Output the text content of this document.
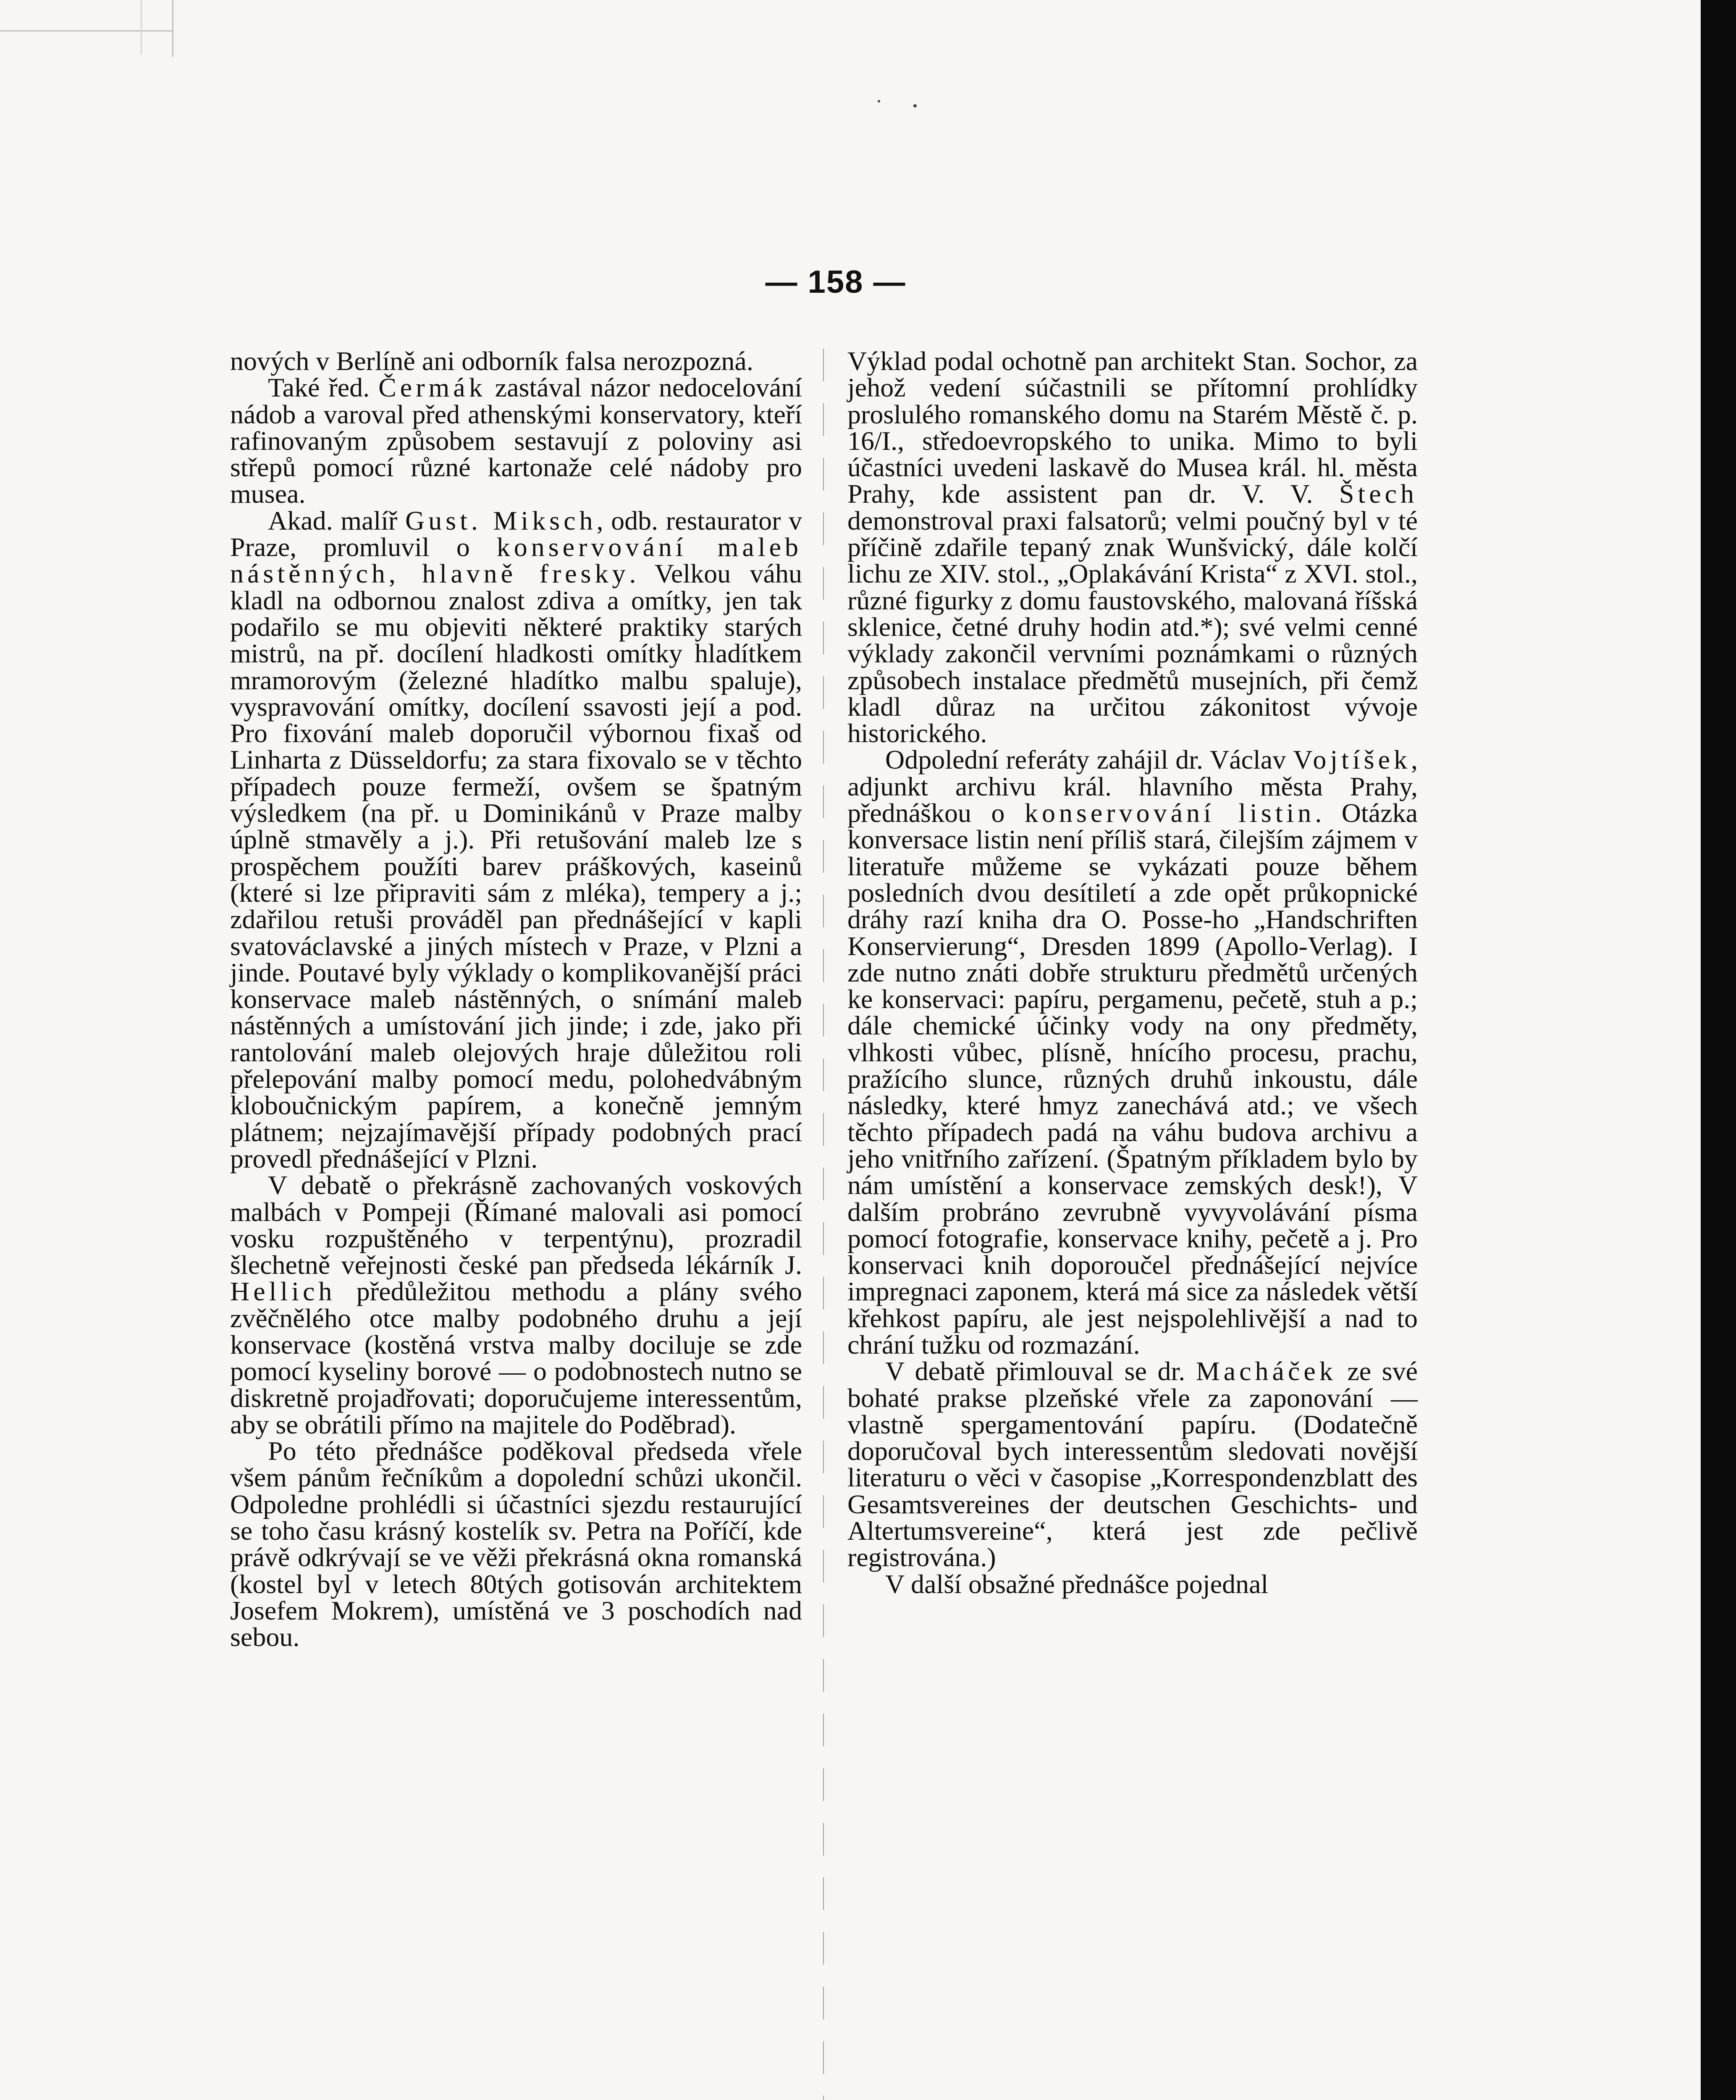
— 158 —

nových v Berlíně ani odborník falsa nerozpozná.

Také řed. Čermák zastával názor nedocelování nádob a varoval před athenskými konservatory, kteří rafinovaným způsobem sestavují z poloviny asi střepů pomocí různé kartonaže celé nádoby pro musea.

Akad. malíř Gust. Miksch, odb. restaurator v Praze, promluvil o konservování maleb nástěnných, hlavně fresky. Velkou váhu kladl na odbornou znalost zdiva a omítky, jen tak podařilo se mu objeviti některé praktiky starých mistrů, na př. docílení hladkosti omítky hladítkem mramorovým (železné hladítko malbu spaluje), vyspravování omítky, docílení ssavosti její a pod. Pro fixování maleb doporučil výbornou fixaš od Linharta z Düsseldorfu; za stara fixovalo se v těchto případech pouze fermeží, ovšem se špatným výsledkem (na př. u Dominikánů v Praze malby úplně stmavěly a j.). Při retušování maleb lze s prospěchem použíti barev práškových, kaseinů (které si lze připraviti sám z mléka), tempery a j.; zdařilou retuši prováděl pan přednášející v kapli svatováclavské a jiných místech v Praze, v Plzni a jinde. Poutavé byly výklady o komplikovanější práci konservace maleb nástěnných, o snímání maleb nástěnných a umístování jich jinde; i zde, jako při rantolování maleb olejových hraje důležitou roli přelepování malby pomocí medu, polohedvábným kloboučnickým papírem, a konečně jemným plátnem; nejzajímavější případy podobných prací provedl přednášející v Plzni.

V debatě o překrásně zachovaných voskových malbách v Pompeji (Římané malovali asi pomocí vosku rozpuštěného v terpentýnu), prozradil šlechetně veřejnosti české pan předseda lékárník J. Hellich předůležitou methodu a plány svého zvěčnělého otce malby podobného druhu a její konservace (kostěná vrstva malby dociluje se zde pomocí kyseliny borové — o podobnostech nutno se diskretně projadřovati; doporučujeme interessentům, aby se obrátili přímo na majitele do Poděbrad).

Po této přednášce poděkoval předseda vřele všem pánům řečníkům a dopolední schůzi ukončil. Odpoledne prohlédli si účastníci sjezdu restaurující se toho času krásný kostelík sv. Petra na Poříčí, kde právě odkrývají se ve věži překrásná okna romanská (kostel byl v letech 80tých gotisován architektem Josefem Mokrem), umístěná ve 3 poschodích nad sebou.

Výklad podal ochotně pan architekt Stan. Sochor, za jehož vedení súčastnili se přítomní prohlídky proslulého romanského domu na Starém Městě č. p. 16/I., středoevropského to unika. Mimo to byli účastníci uvedeni laskavě do Musea král. hl. města Prahy, kde assistent pan dr. V. V. Štech demonstroval praxi falsatorů; velmi poučný byl v té příčině zdařile tepaný znak Wunšvický, dále kolčí lichu ze XIV. stol., „Oplakávání Krista“ z XVI. stol., různé figurky z domu faustovského, malovaná říšská sklenice, četné druhy hodin atd.*); své velmi cenné výklady zakončil vervními poznámkami o různých způsobech instalace předmětů musejních, při čemž kladl důraz na určitou zákonitost vývoje historického.

Odpolední referáty zahájil dr. Václav Vojtíšek, adjunkt archivu král. hlavního města Prahy, přednáškou o konservování listin. Otázka konversace listin není příliš stará, čilejším zájmem v literatuře můžeme se vykázati pouze během posledních dvou desítiletí a zde opět průkopnické dráhy razí kniha dra O. Posse-ho „Handschriften Konservierung“, Dresden 1899 (Apollo-Verlag). I zde nutno znáti dobře strukturu předmětů určených ke konservaci: papíru, pergamenu, pečetě, stuh a p.; dále chemické účinky vody na ony předměty, vlhkosti vůbec, plísně, hnícího procesu, prachu, pražícího slunce, různých druhů inkoustu, dále následky, které hmyz zanechává atd.; ve všech těchto případech padá na váhu budova archivu a jeho vnitřního zařízení. (Špatným příkladem bylo by nám umístění a konservace zemských desk!), V dalším probráno zevrubně vyvyvolávání písma pomocí fotografie, konservace knihy, pečetě a j. Pro konservaci knih doporoučel přednášející nejvíce impregnaci zaponem, která má sice za následek větší křehkost papíru, ale jest nejspolehlivější a nad to chrání tužku od rozmazání.

V debatě přimlouval se dr. Macháček ze své bohaté prakse plzeňské vřele za zaponování — vlastně spergamentování papíru. (Dodatečně doporučoval bych interessentům sledovati novější literaturu o věci v časopise „Korrespondenzblatt des Gesamtsvereines der deutschen Geschichts- und Altertumsvereine“, která jest zde pečlivě registrována.)

V další obsažné přednášce pojednal
